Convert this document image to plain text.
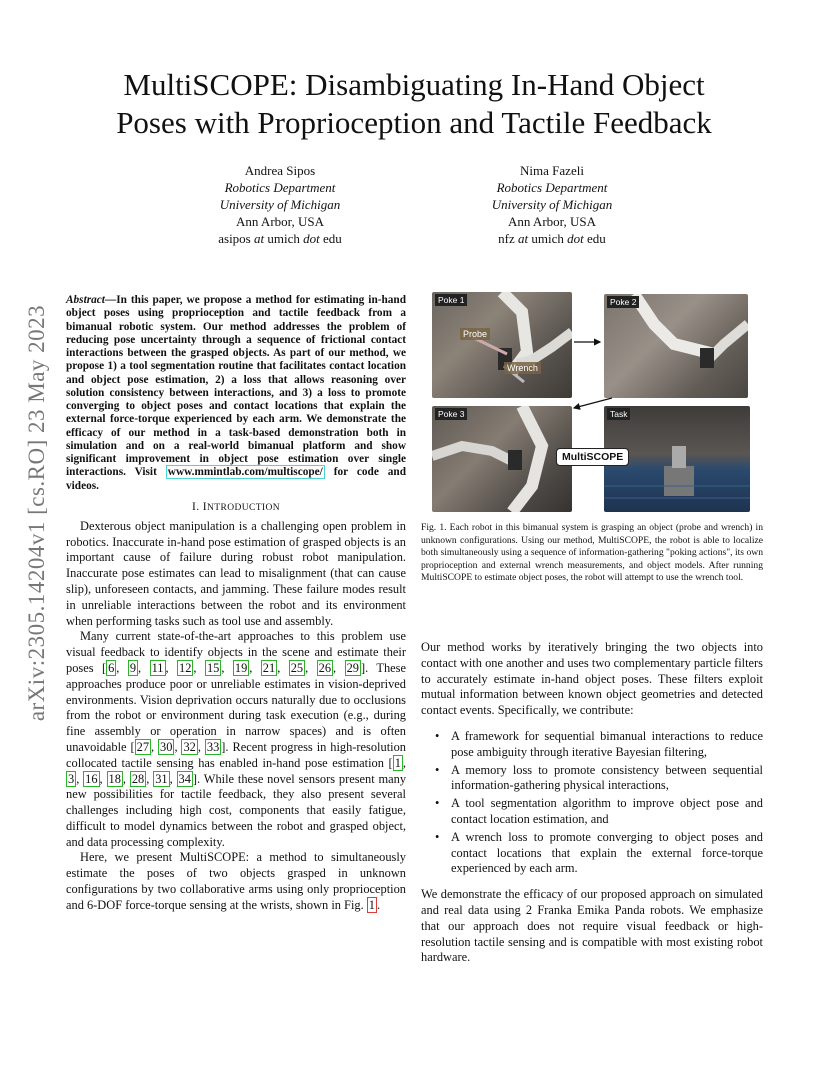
MultiSCOPE: Disambiguating In-Hand Object
Poses with Proprioception and Tactile Feedback
Andrea Sipos
Robotics Department
University of Michigan
Ann Arbor, USA
asipos at umich dot edu
Nima Fazeli
Robotics Department
University of Michigan
Ann Arbor, USA
nfz at umich dot edu
arXiv:2305.14204v1 [cs.RO] 23 May 2023
Abstract—In this paper, we propose a method for estimating in-hand object poses using proprioception and tactile feedback from a bimanual robotic system. Our method addresses the problem of reducing pose uncertainty through a sequence of frictional contact interactions between the grasped objects. As part of our method, we propose 1) a tool segmentation routine that facilitates contact location and object pose estimation, 2) a loss that allows reasoning over solution consistency between interactions, and 3) a loss to promote converging to object poses and contact locations that explain the external force-torque experienced by each arm. We demonstrate the efficacy of our method in a task-based demonstration both in simulation and on a real-world bimanual platform and show significant improvement in object pose estimation over single interactions. Visit www.mmintlab.com/multiscope/ for code and videos.
I. INTRODUCTION

Dexterous object manipulation is a challenging open problem in robotics. Inaccurate in-hand pose estimation of grasped objects is an important cause of failure during robust robot manipulation. Inaccurate pose estimates can lead to misalignment (that can cause slip), unforeseen contacts, and jamming. These failure modes result in unreliable interactions between the robot and its environment when performing tasks such as tool use and assembly.

Many current state-of-the-art approaches to this problem use visual feedback to identify objects in the scene and estimate their poses [ 6 , 9 , 11 , 12 , 15 , 19 , 21 , 25 , 26 , 29 ]. These approaches produce poor or unreliable estimates in vision-deprived environments. Vision deprivation occurs naturally due to occlusions from the robot or environment during task execution (e.g., during fine assembly or operation in narrow spaces) and is often unavoidable [ 27 , 30 , 32 , 33 ]. Recent progress in high-resolution collocated tactile sensing has enabled in-hand pose estimation [ 1 , 3 , 16 , 18 , 28 , 31 , 34 ]. While these novel sensors present many new possibilities for tactile feedback, they also present several challenges including high cost, components that easily fatigue, difficult to model dynamics between the robot and grasped object, and data processing complexity.

Here, we present MultiSCOPE: a method to simultaneously estimate the poses of two objects grasped in unknown configurations by two collaborative arms using only proprioception and 6-DOF force-torque sensing at the wrists, shown in Fig. 1 .

Poke 1
Probe
Wrench
Poke 2
Poke 3	Task
MultiSCOPE
Fig. 1. Each robot in this bimanual system is grasping an object (probe and wrench) in unknown configurations. Using our method, MultiSCOPE, the robot is able to localize both simultaneously using a sequence of information-gathering "poking actions", its own proprioception and external wrench measurements, and object models. After running MultiSCOPE to estimate object poses, the robot will attempt to use the wrench tool.

Our method works by iteratively bringing the two objects into contact with one another and uses two complementary particle filters to accurately estimate in-hand object poses. These filters exploit mutual information between known object geometries and detected contact events. Specifically, we contribute:

• A framework for sequential bimanual interactions to reduce pose ambiguity through iterative Bayesian filtering,
• A memory loss to promote consistency between sequential information-gathering physical interactions,
• A tool segmentation algorithm to improve object pose and contact location estimation, and
• A wrench loss to promote converging to object poses and contact locations that explain the external force-torque experienced by each arm.

We demonstrate the efficacy of our proposed approach on simulated and real data using 2 Franka Emika Panda robots. We emphasize that our approach does not require visual feedback or high-resolution tactile sensing and is compatible with most existing robot hardware.
